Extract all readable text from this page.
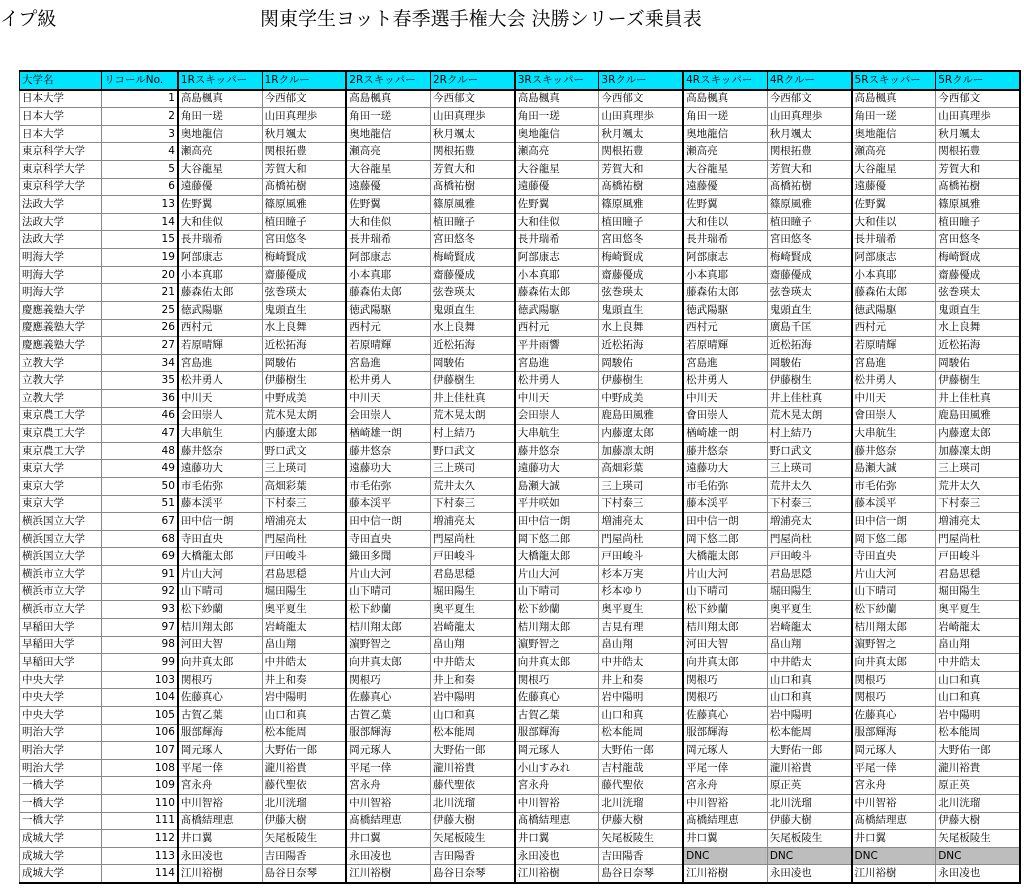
イプ級	関東学生ヨット春季選手権大会 決勝シリーズ乗員表
大学名	リコールNo.	1Rスキッパー	1Rクルー	2Rスキッパー	2Rクルー	3Rスキッパー	3Rクルー	4Rスキッパー	4Rクルー	5Rスキッパー	5Rクルー
日本大学	1	高島楓真	今西郁文	高島楓真	今西郁文	高島楓真	今西郁文	高島楓真	今西郁文	高島楓真	今西郁文
日本大学	2	角田一瑳	山田真理歩	角田一瑳	山田真理歩	角田一瑳	山田真理歩	角田一瑳	山田真理歩	角田一瑳	山田真理歩
日本大学	3	奥地龍信	秋月颯太	奥地龍信	秋月颯太	奥地龍信	秋月颯太	奥地龍信	秋月颯太	奥地龍信	秋月颯太
東京科学大学	4	瀬高亮	関根拓豊	瀬高亮	関根拓豊	瀬高亮	関根拓豊	瀬高亮	関根拓豊	瀬高亮	関根拓豊
東京科学大学	5	大谷龍星	芳賀大和	大谷龍星	芳賀大和	大谷龍星	芳賀大和	大谷龍星	芳賀大和	大谷龍星	芳賀大和
東京科学大学	6	遠藤優	髙橋祐樹	遠藤優	髙橋祐樹	遠藤優	髙橋祐樹	遠藤優	髙橋祐樹	遠藤優	髙橋祐樹
法政大学	13	佐野翼	篠原風雅	佐野翼	篠原風雅	佐野翼	篠原風雅	佐野翼	篠原風雅	佐野翼	篠原風雅
法政大学	14	大和佳似	植田瞳子	大和佳似	植田瞳子	大和佳似	植田瞳子	大和佳以	植田瞳子	大和佳以	植田瞳子
法政大学	15	長井瑞希	宮田悠冬	長井瑞希	宮田悠冬	長井瑞希	宮田悠冬	長井瑞希	宮田悠冬	長井瑞希	宮田悠冬
明海大学	19	阿部康志	梅崎賢成	阿部康志	梅崎賢成	阿部康志	梅崎賢成	阿部康志	梅崎賢成	阿部康志	梅崎賢成
明海大学	20	小本真耶	齋藤優成	小本真耶	齋藤優成	小本真耶	齋藤優成	小本真耶	齋藤優成	小本真耶	齋藤優成
明海大学	21	藤森佑太郎	弦巻瑛太	藤森佑太郎	弦巻瑛太	藤森佑太郎	弦巻瑛太	藤森佑太郎	弦巻瑛太	藤森佑太郎	弦巻瑛太
慶應義塾大学	25	徳武陽駆	鬼頭直生	徳武陽駆	鬼頭直生	徳武陽駆	鬼頭直生	徳武陽駆	鬼頭直生	徳武陽駆	鬼頭直生
慶應義塾大学	26	西村元	水上良舞	西村元	水上良舞	西村元	水上良舞	西村元	廣島千匡	西村元	水上良舞
慶應義塾大学	27	若原晴輝	近松拓海	若原晴輝	近松拓海	平井雨響	近松拓海	若原晴輝	近松拓海	若原晴輝	近松拓海
立教大学	34	宮島進	岡駿佑	宮島進	岡駿佑	宮島進	岡駿佑	宮島進	岡駿佑	宮島進	岡駿佑
立教大学	35	松井勇人	伊藤樹生	松井勇人	伊藤樹生	松井勇人	伊藤樹生	松井勇人	伊藤樹生	松井勇人	伊藤樹生
立教大学	36	中川天	中野成美	中川天	井上佳杜真	中川天	中野成美	中川天	井上佳杜真	中川天	井上佳杜真
東京農工大学	46	会田崇人	荒木晃太朗	会田崇人	荒木晃太朗	会田崇人	鹿島田風雅	會田崇人	荒木晃太朗	會田崇人	鹿島田風雅
東京農工大学	47	大串航生	内藤遼太郎	楢崎雄一朗	村上結乃	大串航生	内藤遼太郎	楢崎雄一朗	村上結乃	大串航生	内藤遼太郎
東京農工大学	48	藤井悠奈	野口武文	藤井悠奈	野口武文	藤井悠奈	加藤凛太朗	藤井悠奈	野口武文	藤井悠奈	加藤凜太朗
東京大学	49	遠藤功大	三上瑛司	遠藤功大	三上瑛司	遠藤功大	高畑彩葉	遠藤功大	三上瑛司	島瀬大誠	三上瑛司
東京大学	50	市毛佑弥	高畑彩葉	市毛佑弥	荒井太久	島瀬大誠	三上瑛司	市毛佑弥	荒井太久	市毛佑弥	荒井太久
東京大学	51	藤本渓平	下村泰三	藤本渓平	下村泰三	平井咲如	下村泰三	藤本渓平	下村泰三	藤本渓平	下村泰三
横浜国立大学	67	田中信一朗	増浦亮太	田中信一朗	増浦亮太	田中信一朗	増浦亮太	田中信一朗	増浦亮太	田中信一朗	増浦亮太
横浜国立大学	68	寺田直央	門屋尚杜	寺田直央	門屋尚杜	岡下悠二郎	門屋尚杜	岡下悠二郎	門屋尚杜	岡下悠二郎	門屋尚杜
横浜国立大学	69	大橋龍太郎	戸田峻斗	織田多聞	戸田峻斗	大橋龍太郎	戸田峻斗	大橋龍太郎	戸田峻斗	寺田直央	戸田峻斗
横浜市立大学	91	片山大河	君島思穏	片山大河	君島思穏	片山大河	杉本万実	片山大河	君島思隠	片山大河	君島思穏
横浜市立大学	92	山下晴司	堀田陽生	山下晴司	堀田陽生	山下晴司	杉本ゆり	山下晴司	堀田陽生	山下晴司	堀田陽生
横浜市立大学	93	松下紗蘭	奥平夏生	松下紗蘭	奥平夏生	松下紗蘭	奥平夏生	松下紗蘭	奥平夏生	松下紗蘭	奥平夏生
早稲田大学	97	桔川翔太郎	岩崎龍太	桔川翔太郎	岩崎龍太	桔川翔太郎	吉見有理	桔川翔太郎	岩崎龍太	桔川翔太郎	岩崎龍太
早稲田大学	98	河田大智	畠山翔	濵野智之	畠山翔	濵野智之	畠山翔	河田大智	畠山翔	濵野智之	畠山翔
早稲田大学	99	向井真太郎	中井皓太	向井真太郎	中井皓太	向井真太郎	中井皓太	向井真太郎	中井皓太	向井真太郎	中井皓太
中央大学	103	関根巧	井上和奏	関根巧	井上和奏	関根巧	井上和奏	関根巧	山口和真	関根巧	山口和真
中央大学	104	佐藤真心	岩中陽明	佐藤真心	岩中陽明	佐藤真心	岩中陽明	関根巧	山口和真	関根巧	山口和真
中央大学	105	古賀乙葉	山口和真	古賀乙葉	山口和真	古賀乙葉	山口和真	佐藤真心	岩中陽明	佐藤真心	岩中陽明
明治大学	106	服部輝海	松本能周	服部輝海	松本能周	服部輝海	松本能周	服部輝海	松本能周	服部輝海	松本能周
明治大学	107	岡元琢人	大野佑一郎	岡元琢人	大野佑一郎	岡元琢人	大野佑一郎	岡元琢人	大野佑一郎	岡元琢人	大野佑一郎
明治大学	108	平尾一倖	瀧川裕貴	平尾一倖	瀧川裕貴	小山すみれ	吉村龍哉	平尾一倖	瀧川裕貴	平尾一倖	瀧川裕貴
一橋大学	109	宮永舟	藤代聖依	宮永舟	藤代聖依	宮永舟	藤代聖依	宮永舟	原正英	宮永舟	原正英
一橋大学	110	中川智裕	北川洸瑠	中川智裕	北川洸瑠	中川智裕	北川洸瑠	中川智裕	北川洸瑠	中川智裕	北川洸瑠
一橋大学	111	髙橋結理恵	伊藤大樹	髙橋結理恵	伊藤大樹	髙橋結理恵	伊藤大樹	髙橋結理恵	伊藤大樹	髙橋結理恵	伊藤大樹
成城大学	112	井口翼	矢尾板陵生	井口翼	矢尾板陵生	井口翼	矢尾板陵生	井口翼	矢尾板陵生	井口翼	矢尾板陵生
成城大学	113	永田凌也	吉田陽香	永田凌也	吉田陽香	永田凌也	吉田陽香	DNC	DNC	DNC	DNC
成城大学	114	江川裕樹	島谷日奈琴	江川裕樹	島谷日奈琴	江川裕樹	島谷日奈琴	江川裕樹	永田凌也	江川裕樹	永田凌也
